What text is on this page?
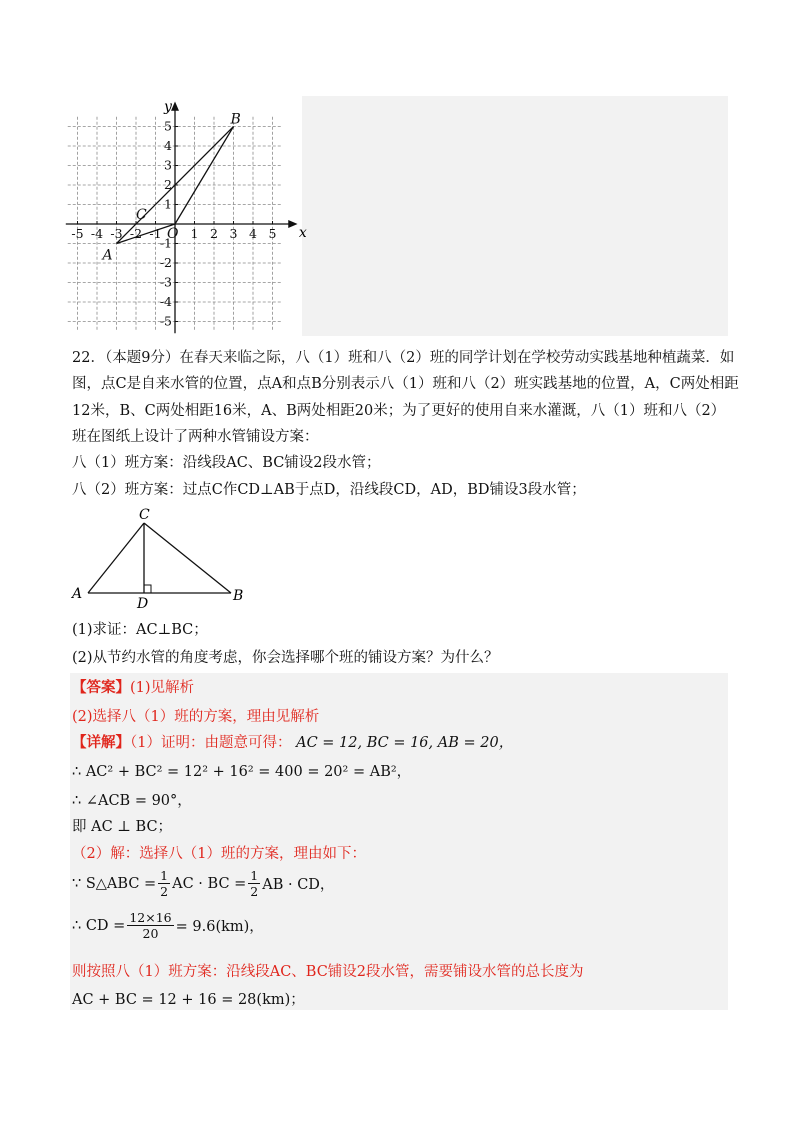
-5 -4 -3 -2 -1 1 2 3 4 5
5
4
3
2
1
-1
-2
-3
-4
-5
A
B
C
O
y
x
22．（本题9分）在春天来临之际，八（1）班和八（2）班的同学计划在学校劳动实践基地种植蔬菜．如
图，点C是自来水管的位置，点A和点B分别表示八（1）班和八（2）班实践基地的位置，A，C两处相距
12米，B、C两处相距16米，A、B两处相距20米；为了更好的使用自来水灌溉，八（1）班和八（2）
班在图纸上设计了两种水管铺设方案：
八（1）班方案：沿线段AC、BC铺设2段水管；
八（2）班方案：过点C作CD⊥AB于点D，沿线段CD，AD，BD铺设3段水管；
C
A	B
D
(1)求证：AC⊥BC；
(2)从节约水管的角度考虑，你会选择哪个班的铺设方案？为什么？
【答案】(1)见解析
(2)选择八（1）班的方案，理由见解析
【详解】（1）证明：由题意可得： AC = 12, BC = 16, AB = 20，
∴ AC² + BC² = 12² + 16² = 400 = 20² = AB²，
∴ ∠ACB = 90°，
即 AC ⊥ BC；
（2）解：选择八（1）班的方案，理由如下：
∵ S△ABC = $\frac{1}{2}$ AC · BC = $\frac{1}{2}$ AB · CD，
∴ CD = $\frac{12\times 16}{20} = 9.6(km)$，
则按照八（1）班方案：沿线段AC、BC铺设2段水管，需要铺设水管的总长度为
AC + BC = 12 + 16 = 28(km)；
